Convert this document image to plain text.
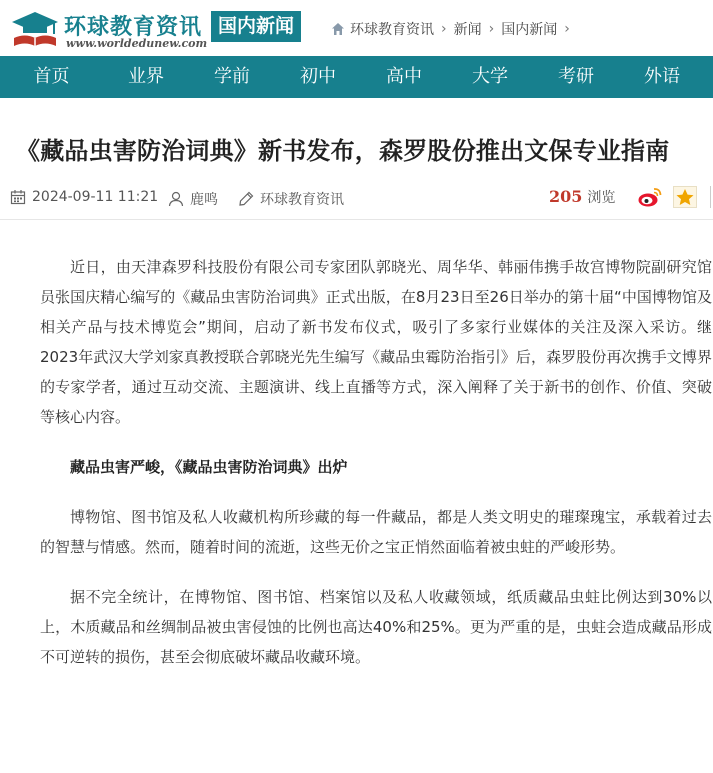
环球教育资讯
www.worldedunew.com
国内新闻	环球教育资讯 › 新闻 › 国内新闻 ›
首页	业界	学前	初中	高中	大学	考研	外语
《藏品虫害防治词典》新书发布，森罗股份推出文保专业指南
2024-09-11 11:21 鹿鸣	环球教育资讯	205 浏览

近日，由天津森罗科技股份有限公司专家团队郭晓光、周华华、韩丽伟携手故宫博物院副研究馆员张国庆精心编写的《藏品虫害防治词典》正式出版，在8月23日至26日举办的第十届“中国博物馆及相关产品与技术博览会”期间，启动了新书发布仪式，吸引了多家行业媒体的关注及深入采访。继2023年武汉大学刘家真教授联合郭晓光先生编写《藏品虫霉防治指引》后，森罗股份再次携手文博界的专家学者，通过互动交流、主题演讲、线上直播等方式，深入阐释了关于新书的创作、价值、突破等核心内容。

藏品虫害严峻，《藏品虫害防治词典》出炉

博物馆、图书馆及私人收藏机构所珍藏的每一件藏品，都是人类文明史的璀璨瑰宝，承载着过去的智慧与情感。然而，随着时间的流逝，这些无价之宝正悄然面临着被虫蛀的严峻形势。

据不完全统计，在博物馆、图书馆、档案馆以及私人收藏领域，纸质藏品虫蛀比例达到30%以上，木质藏品和丝绸制品被虫害侵蚀的比例也高达40%和25%。更为严重的是，虫蛀会造成藏品形成不可逆转的损伤，甚至会彻底破坏藏品收藏环境。
